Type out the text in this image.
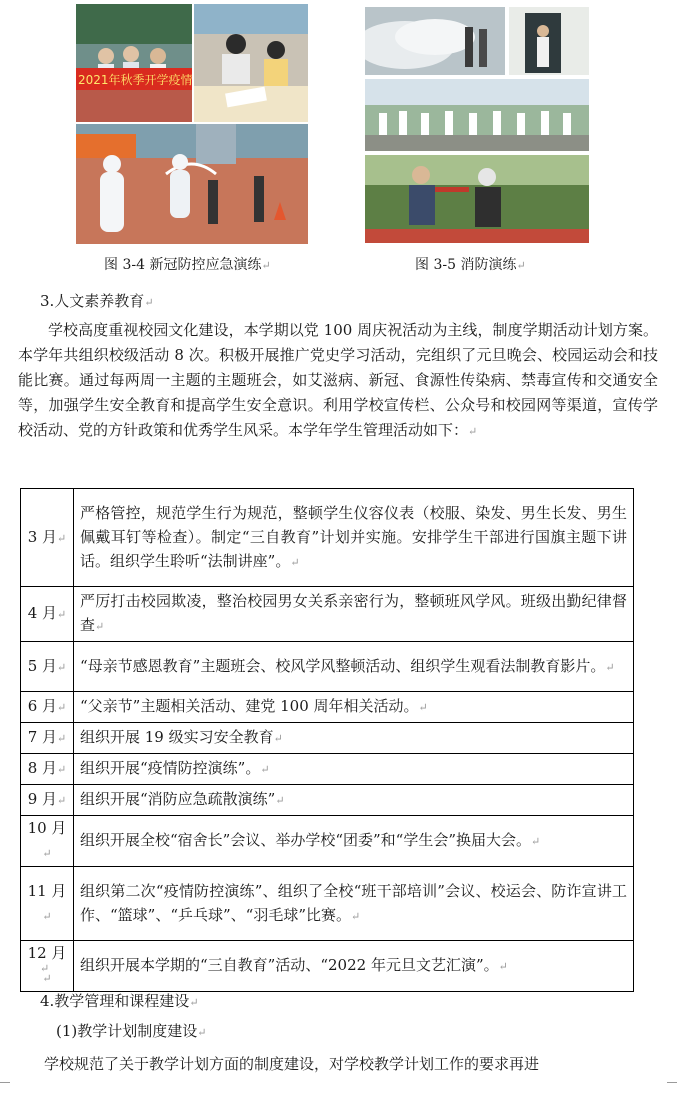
2021年秋季开学疫情
图 3-4 新冠防控应急演练↵	图 3-5 消防演练↵
3.人文素养教育↵
学校高度重视校园文化建设，本学期以党 100 周庆祝活动为主线，制度学期活动计划方案。本学年共组织校级活动 8 次。积极开展推广党史学习活动，完组织了元旦晚会、校园运动会和技能比赛。通过每两周一主题的主题班会，如艾滋病、新冠、食源性传染病、禁毒宣传和交通安全等，加强学生安全教育和提高学生安全意识。利用学校宣传栏、公众号和校园网等渠道，宣传学校活动、党的方针政策和优秀学生风采。本学年学生管理活动如下：↵
3 月↵	严格管控，规范学生行为规范，整顿学生仪容仪表（校服、染发、男生长发、男生佩戴耳钉等检查）。制定“三自教育”计划并实施。安排学生干部进行国旗主题下讲话。组织学生聆听“法制讲座”。↵
4 月↵	严厉打击校园欺凌，整治校园男女关系亲密行为，整顿班风学风。班级出勤纪律督查↵
5 月↵	“母亲节感恩教育”主题班会、校风学风整顿活动、组织学生观看法制教育影片。↵
6 月↵	“父亲节”主题相关活动、建党 100 周年相关活动。↵
7 月↵	组织开展 19 级实习安全教育↵
8 月↵	组织开展“疫情防控演练”。↵
9 月↵	组织开展“消防应急疏散演练”↵
10 月↵	组织开展全校“宿舍长”会议、举办学校“团委”和“学生会”换届大会。↵
11 月↵	组织第二次“疫情防控演练”、组织了全校“班干部培训”会议、校运会、防诈宣讲工作、“篮球”、“乒乓球”、“羽毛球”比赛。↵
12 月↵	组织开展本学期的“三自教育”活动、“2022 年元旦文艺汇演”。↵
↵
4.教学管理和课程建设↵
(1)教学计划制度建设↵
学校规范了关于教学计划方面的制度建设，对学校教学计划工作的要求再进
